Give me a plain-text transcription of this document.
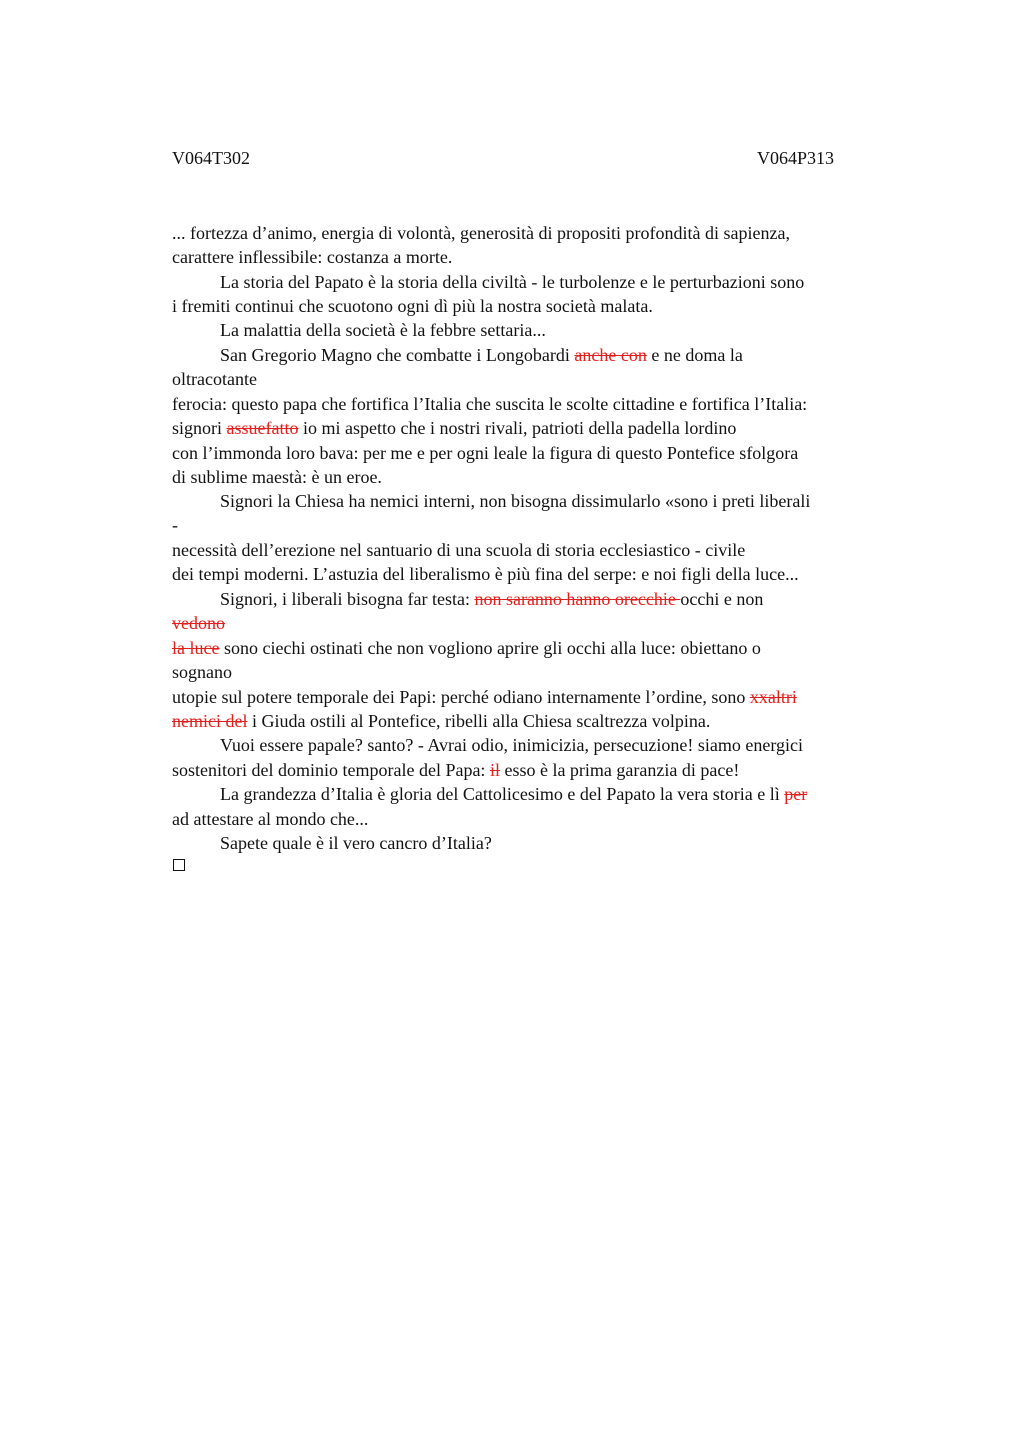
V064T302	V064P313
... fortezza d’animo, energia di volontà, generosità di propositi profondità di sapienza,
carattere inflessibile: costanza a morte.
La storia del Papato è la storia della civiltà - le turbolenze e le perturbazioni sono
i fremiti continui che scuotono ogni dì più la nostra società malata.
La malattia della società è la febbre settaria...
San Gregorio Magno che combatte i Longobardi anche con e ne doma la
oltracotante
ferocia: questo papa che fortifica l’Italia che suscita le scolte cittadine e fortifica l’Italia:
signori assuefatto io mi aspetto che i nostri rivali, patrioti della padella lordino
con l’immonda loro bava: per me e per ogni leale la figura di questo Pontefice sfolgora
di sublime maestà: è un eroe.
Signori la Chiesa ha nemici interni, non bisogna dissimularlo «sono i preti liberali
-
necessità dell’erezione nel santuario di una scuola di storia ecclesiastico - civile
dei tempi moderni. L’astuzia del liberalismo è più fina del serpe: e noi figli della luce...
Signori, i liberali bisogna far testa: non saranno hanno orecchie occhi e non
vedono
la luce sono ciechi ostinati che non vogliono aprire gli occhi alla luce: obiettano o
sognano
utopie sul potere temporale dei Papi: perché odiano internamente l’ordine, sono xxaltri
nemici del i Giuda ostili al Pontefice, ribelli alla Chiesa scaltrezza volpina.
Vuoi essere papale? santo? - Avrai odio, inimicizia, persecuzione! siamo energici
sostenitori del dominio temporale del Papa: il esso è la prima garanzia di pace!
La grandezza d’Italia è gloria del Cattolicesimo e del Papato la vera storia e lì per
ad attestare al mondo che...
Sapete quale è il vero cancro d’Italia?
